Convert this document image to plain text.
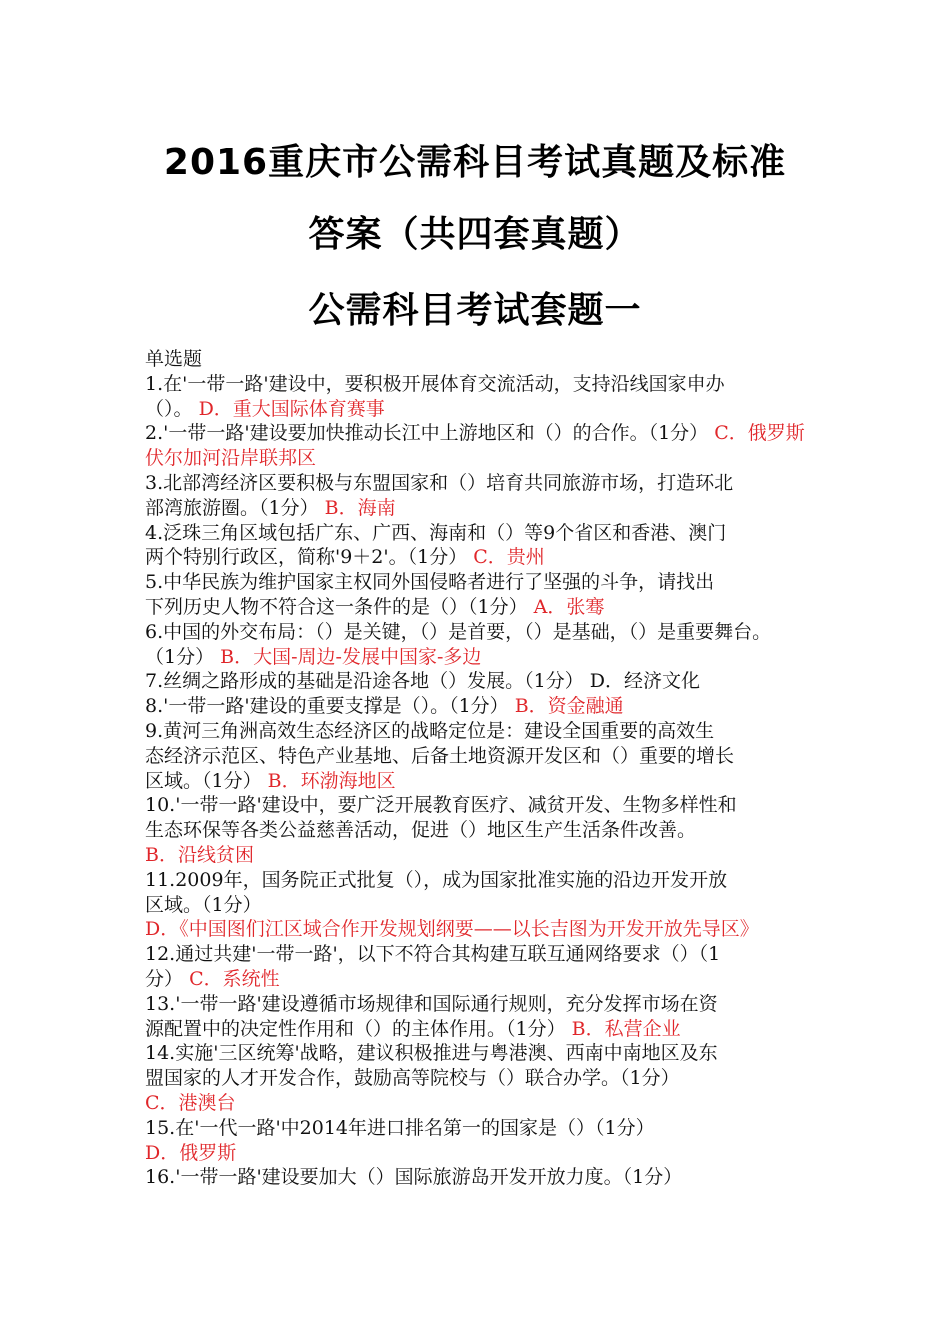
2016重庆市公需科目考试真题及标准
答案（共四套真题）
公需科目考试套题一

单选题

1.在'一带一路'建设中，要积极开展体育交流活动，支持沿线国家申办

（）。 D．重大国际体育赛事

2.'一带一路'建设要加快推动长江中上游地区和（）的合作。（1分） C．俄罗斯伏尔加河沿岸联邦区

3.北部湾经济区要积极与东盟国家和（）培育共同旅游市场，打造环北

部湾旅游圈。（1分） B．海南

4.泛珠三角区域包括广东、广西、海南和（）等9个省区和香港、澳门

两个特别行政区，简称'9＋2'。（1分） C．贵州

5.中华民族为维护国家主权同外国侵略者进行了坚强的斗争，请找出

下列历史人物不符合这一条件的是（）（1分） A．张骞

6.中国的外交布局：（）是关键，（）是首要，（）是基础，（）是重要舞台。

（1分） B．大国-周边-发展中国家-多边

7.丝绸之路形成的基础是沿途各地（）发展。（1分） D．经济文化

8.'一带一路'建设的重要支撑是（）。（1分） B．资金融通

9.黄河三角洲高效生态经济区的战略定位是：建设全国重要的高效生

态经济示范区、特色产业基地、后备土地资源开发区和（）重要的增长

区域。（1分） B．环渤海地区

10.'一带一路'建设中，要广泛开展教育医疗、减贫开发、生物多样性和

生态环保等各类公益慈善活动，促进（）地区生产生活条件改善。

B．沿线贫困

11.2009年，国务院正式批复（），成为国家批准实施的沿边开发开放

区域。（1分）

D．《中国图们江区域合作开发规划纲要——以长吉图为开发开放先导区》

12.通过共建'一带一路'，以下不符合其构建互联互通网络要求（）（1

分） C．系统性

13.'一带一路'建设遵循市场规律和国际通行规则，充分发挥市场在资

源配置中的决定性作用和（）的主体作用。（1分） B．私营企业

14.实施'三区统筹'战略，建议积极推进与粤港澳、西南中南地区及东

盟国家的人才开发合作，鼓励高等院校与（）联合办学。（1分）

C．港澳台

15.在'一代一路'中2014年进口排名第一的国家是（）（1分）

D．俄罗斯

16.'一带一路'建设要加大（）国际旅游岛开发开放力度。（1分）
